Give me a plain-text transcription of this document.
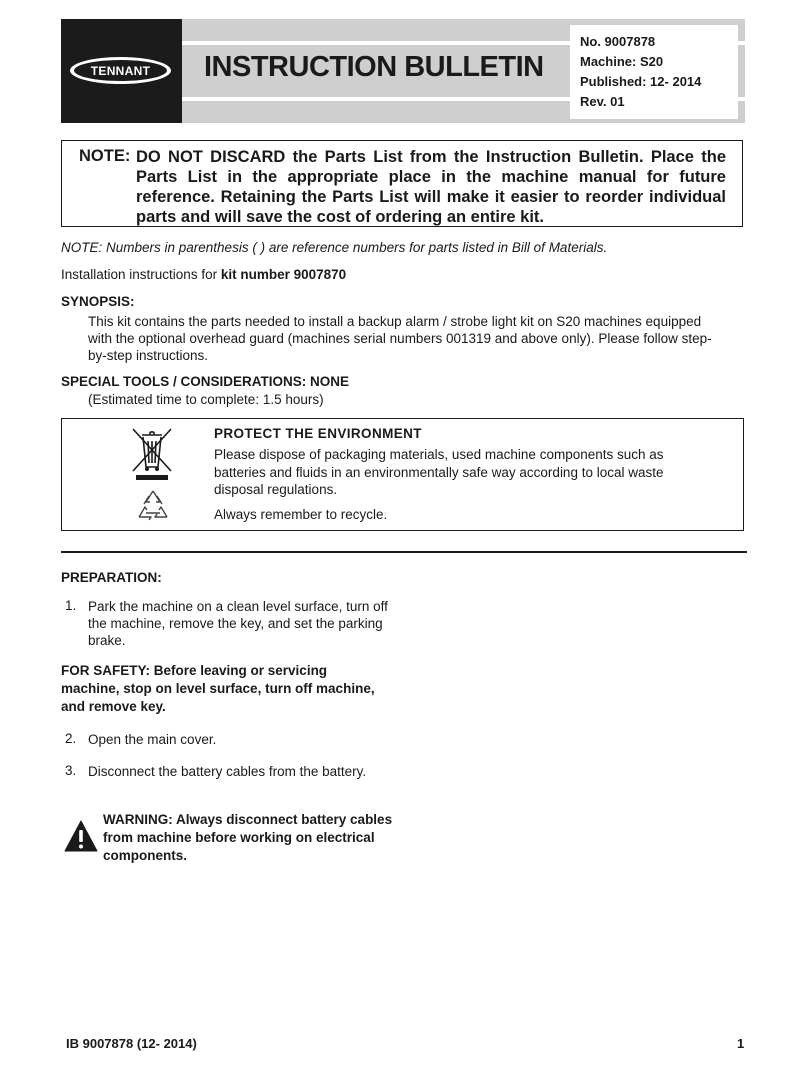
TENNANT INSTRUCTION BULLETIN
No. 9007878
Machine: S20
Published: 12- 2014
Rev. 01
NOTE: DO NOT DISCARD the Parts List from the Instruction Bulletin. Place the Parts List in the appropriate place in the machine manual for future reference. Retaining the Parts List will make it easier to reorder individual parts and will save the cost of ordering an entire kit.
NOTE: Numbers in parenthesis ( ) are reference numbers for parts listed in Bill of Materials.
Installation instructions for kit number 9007870
SYNOPSIS:
This kit contains the parts needed to install a backup alarm / strobe light kit on S20 machines equipped with the optional overhead guard (machines serial numbers 001319 and above only). Please follow step-by-step instructions.
SPECIAL TOOLS / CONSIDERATIONS: NONE
(Estimated time to complete: 1.5 hours)
PROTECT THE ENVIRONMENT
Please dispose of packaging materials, used machine components such as batteries and fluids in an environmentally safe way according to local waste disposal regulations.
Always remember to recycle.
PREPARATION:
1. Park the machine on a clean level surface, turn off the machine, remove the key, and set the parking brake.
FOR SAFETY: Before leaving or servicing machine, stop on level surface, turn off machine, and remove key.
2. Open the main cover.
3. Disconnect the battery cables from the battery.
WARNING: Always disconnect battery cables from machine before working on electrical components.
IB 9007878 (12- 2014)	1
